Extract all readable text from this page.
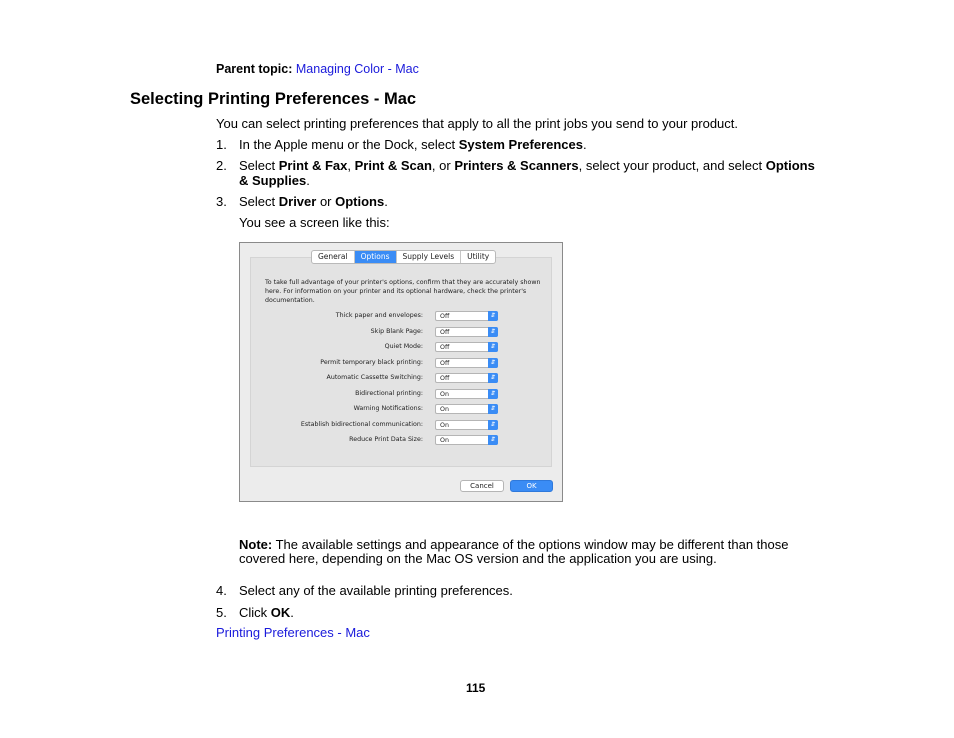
Parent topic: Managing Color - Mac
Selecting Printing Preferences - Mac
You can select printing preferences that apply to all the print jobs you send to your product.
1. In the Apple menu or the Dock, select System Preferences.
2. Select Print & Fax, Print & Scan, or Printers & Scanners, select your product, and select Options
& Supplies.
3. Select Driver or Options.
You see a screen like this:
To take full advantage of your printer's options, confirm that they are accurately shown here. For information on your printer and its optional hardware, check the printer's documentation.
Thick paper and envelopes:	Off	⇵
Skip Blank Page:	Off	⇵
Quiet Mode:	Off	⇵
Permit temporary black printing:	Off	⇵
Automatic Cassette Switching:	Off	⇵
Bidirectional printing:	On	⇵
Warning Notifications:	On	⇵
Establish bidirectional communication:	On	⇵
Reduce Print Data Size:	On	⇵
General	Options	Supply Levels	Utility
Cancel	OK
Note: The available settings and appearance of the options window may be different than those covered here, depending on the Mac OS version and the application you are using.
4. Select any of the available printing preferences.
5. Click OK.
Printing Preferences - Mac
115
